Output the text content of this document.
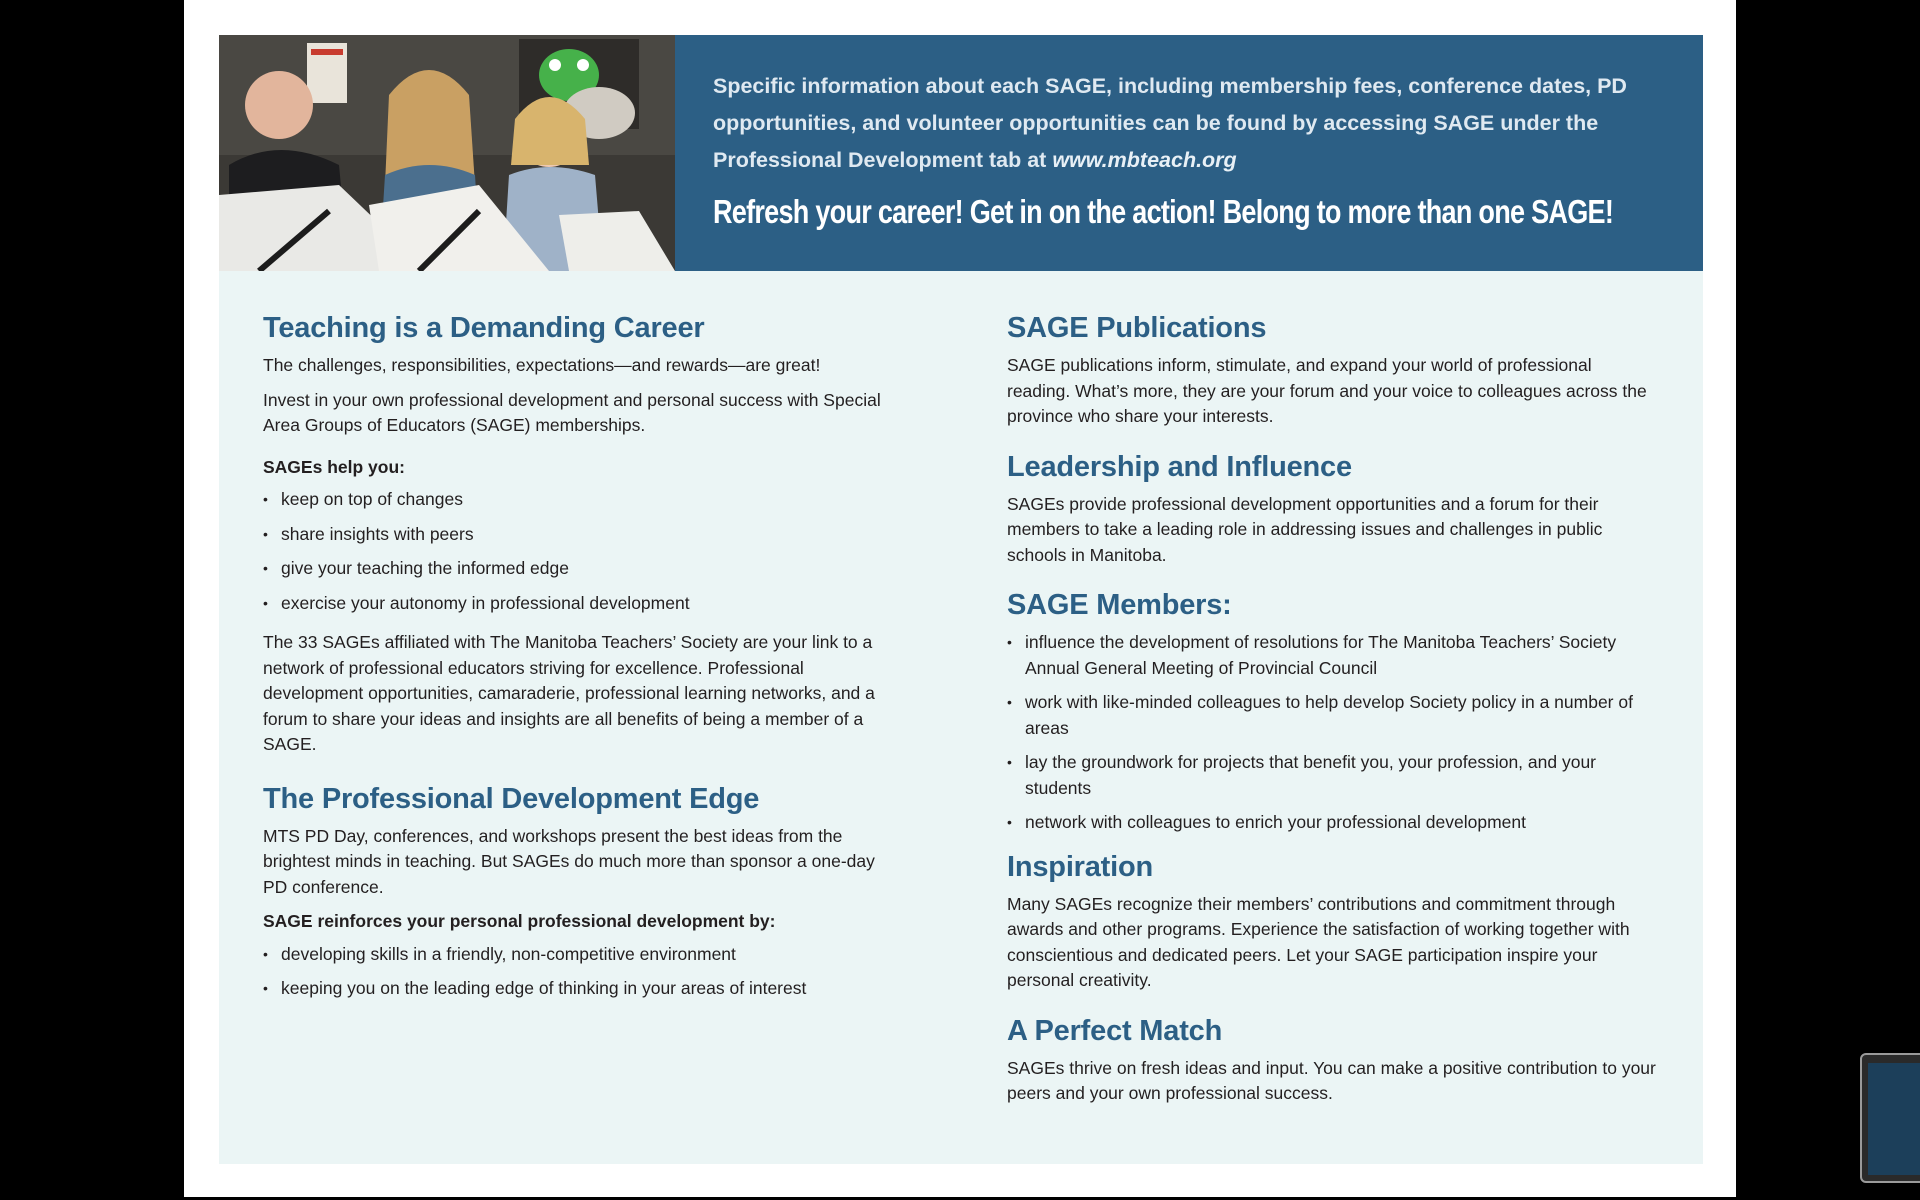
Specific information about each SAGE, including membership fees, conference dates, PD opportunities, and volunteer opportunities can be found by accessing SAGE under the Professional Development tab at www.mbteach.org
Refresh your career! Get in on the action! Belong to more than one SAGE!
Teaching is a Demanding Career

The challenges, responsibilities, expectations—and rewards—are great!

Invest in your own professional development and personal success with Special Area Groups of Educators (SAGE) memberships.

SAGEs help you:

• keep on top of changes
• share insights with peers
• give your teaching the informed edge
• exercise your autonomy in professional development

The 33 SAGEs affiliated with The Manitoba Teachers’ Society are your link to a network of professional educators striving for excellence. Professional development opportunities, camaraderie, professional learning networks, and a forum to share your ideas and insights are all benefits of being a member of a SAGE.

The Professional Development Edge

MTS PD Day, conferences, and workshops present the best ideas from the brightest minds in teaching. But SAGEs do much more than sponsor a one-day PD conference.

SAGE reinforces your personal professional development by:

• developing skills in a friendly, non-competitive environment
• keeping you on the leading edge of thinking in your areas of interest
SAGE Publications

SAGE publications inform, stimulate, and expand your world of professional reading. What’s more, they are your forum and your voice to colleagues across the province who share your interests.

Leadership and Influence

SAGEs provide professional development opportunities and a forum for their members to take a leading role in addressing issues and challenges in public schools in Manitoba.

SAGE Members:
• influence the development of resolutions for The Manitoba Teachers’ Society Annual General Meeting of Provincial Council
• work with like-minded colleagues to help develop Society policy in a number of areas
• lay the groundwork for projects that benefit you, your profession, and your students
• network with colleagues to enrich your professional development
Inspiration

Many SAGEs recognize their members’ contributions and commitment through awards and other programs. Experience the satisfaction of working together with conscientious and dedicated peers. Let your SAGE participation inspire your personal creativity.

A Perfect Match

SAGEs thrive on fresh ideas and input. You can make a positive contribution to your peers and your own professional success.
